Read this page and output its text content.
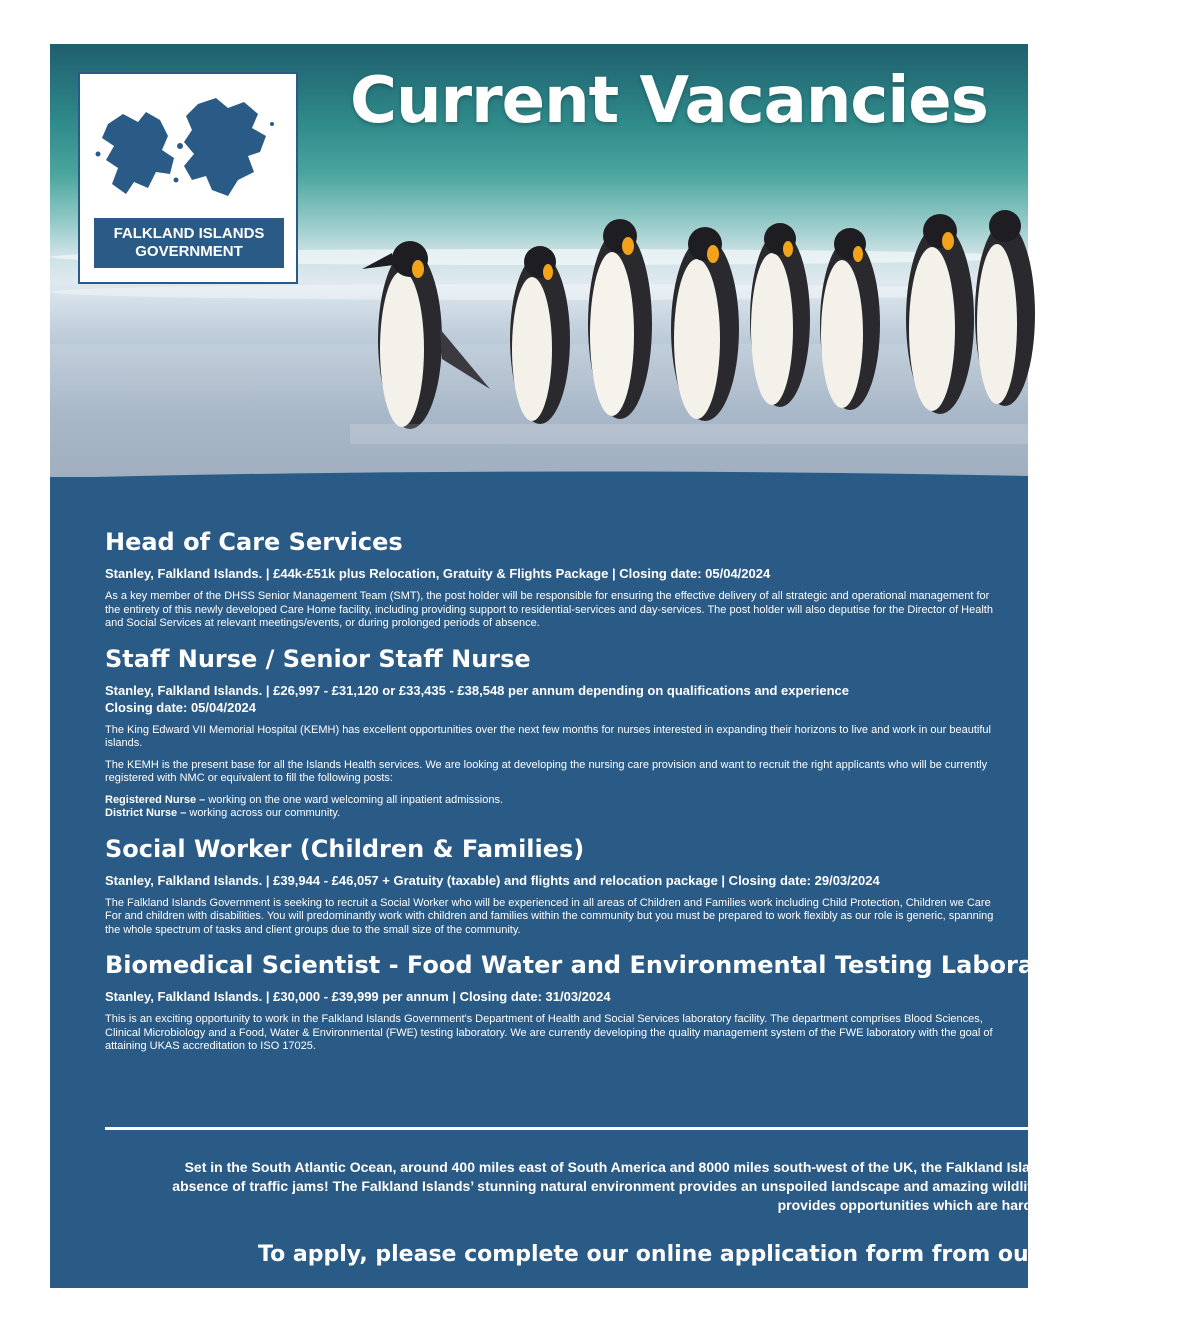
Current Vacancies
FALKLAND ISLANDS
GOVERNMENT
Set in the South Atlantic Ocean, around 400 miles east of South America and 8000 miles south-west of the UK, the Falkland Islar
absence of traffic jams! The Falkland Islands’ stunning natural environment provides an unspoiled landscape and amazing wildlife
provides opportunities which are hard
To apply, please complete our online application form from our vacancy pa
Head of Care Services
Stanley, Falkland Islands. | £44k-£51k plus Relocation, Gratuity & Flights Package | Closing date: 05/04/2024

As a key member of the DHSS Senior Management Team (SMT), the post holder will be responsible for ensuring the effective delivery of all strategic and operational management for the entirety of this newly developed Care Home facility, including providing support to residential-services and day-services. The post holder will also deputise for the Director of Health and Social Services at relevant meetings/events, or during prolonged periods of absence.

Staff Nurse / Senior Staff Nurse
Stanley, Falkland Islands. | £26,997 - £31,120 or £33,435 - £38,548 per annum depending on qualifications and experience
Closing date: 05/04/2024

The King Edward VII Memorial Hospital (KEMH) has excellent opportunities over the next few months for nurses interested in expanding their horizons to live and work in our beautiful islands.

The KEMH is the present base for all the Islands Health services. We are looking at developing the nursing care provision and want to recruit the right applicants who will be currently registered with NMC or equivalent to fill the following posts:

Registered Nurse – working on the one ward welcoming all inpatient admissions.

District Nurse – working across our community.

Social Worker (Children & Families)
Stanley, Falkland Islands. | £39,944 - £46,057 + Gratuity (taxable) and flights and relocation package | Closing date: 29/03/2024

The Falkland Islands Government is seeking to recruit a Social Worker who will be experienced in all areas of Children and Families work including Child Protection, Children we Care For and children with disabilities. You will predominantly work with children and families within the community but you must be prepared to work flexibly as our role is generic, spanning the whole spectrum of tasks and client groups due to the small size of the community.

Biomedical Scientist - Food Water and Environmental Testing Laboratory
Stanley, Falkland Islands. | £30,000 - £39,999 per annum | Closing date: 31/03/2024

This is an exciting opportunity to work in the Falkland Islands Government's Department of Health and Social Services laboratory facility. The department comprises Blood Sciences, Clinical Microbiology and a Food, Water & Environmental (FWE) testing laboratory. We are currently developing the quality management system of the FWE laboratory with the goal of attaining UKAS accreditation to ISO 17025.
